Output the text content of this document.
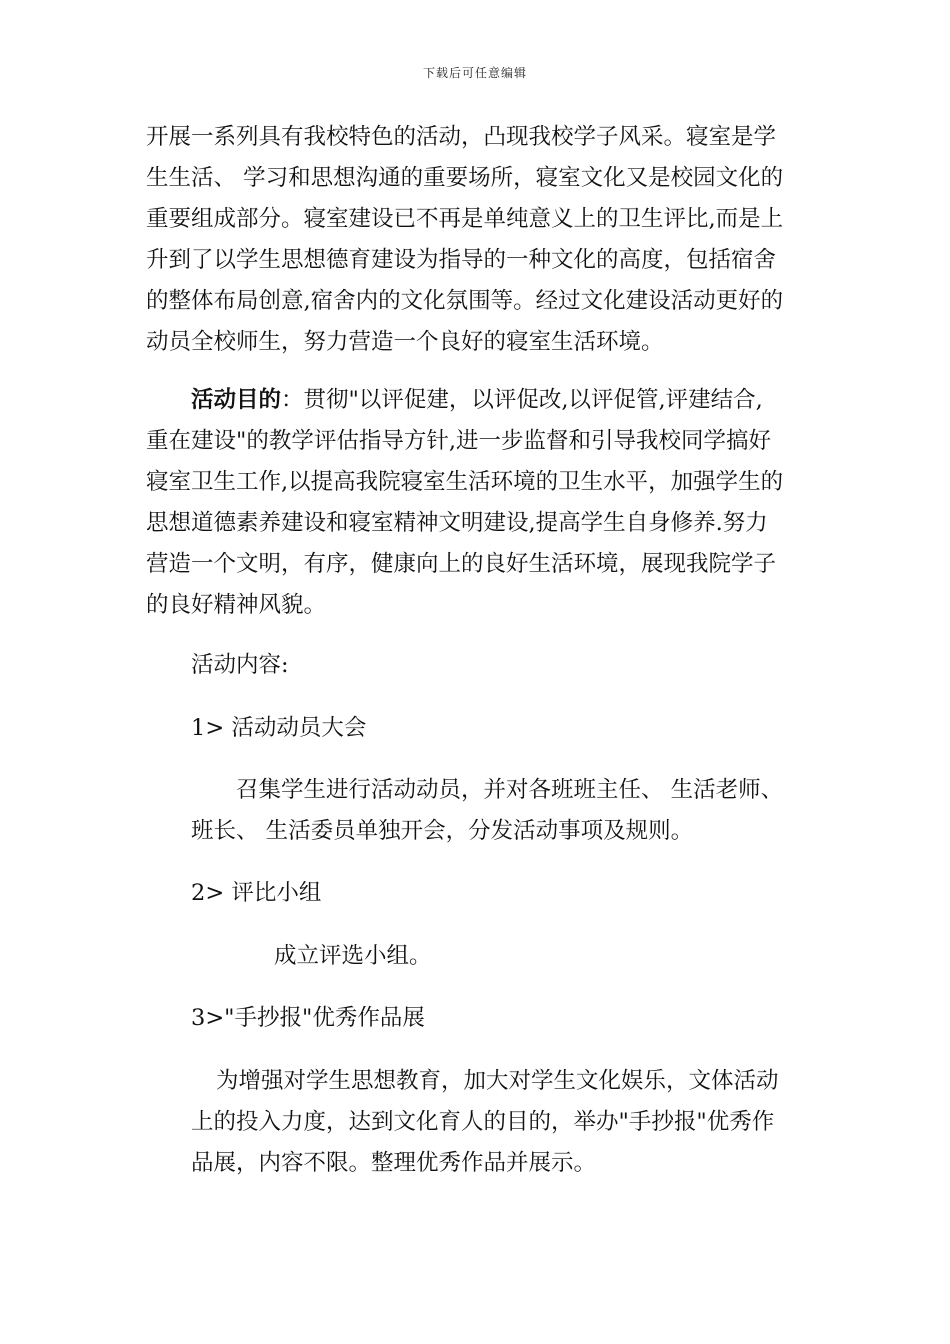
下载后可任意编辑
开展一系列具有我校特色的活动，凸现我校学子风采。寝室是学
生生活、 学习和思想沟通的重要场所，寝室文化又是校园文化的
重要组成部分。寝室建设已不再是单纯意义上的卫生评比,而是上
升到了以学生思想德育建设为指导的一种文化的高度，包括宿舍
的整体布局创意,宿舍内的文化氛围等。经过文化建设活动更好的
动员全校师生，努力营造一个良好的寝室生活环境。
活动目的：贯彻"以评促建，以评促改,以评促管,评建结合,
重在建设"的教学评估指导方针,进一步监督和引导我校同学搞好
寝室卫生工作,以提高我院寝室生活环境的卫生水平，加强学生的
思想道德素养建设和寝室精神文明建设,提高学生自身修养.努力
营造一个文明，有序，健康向上的良好生活环境，展现我院学子
的良好精神风貌。
活动内容:
1> 活动动员大会
召集学生进行活动动员，并对各班班主任、 生活老师、
班长、 生活委员单独开会，分发活动事项及规则。
2> 评比小组
成立评选小组。
3>"手抄报"优秀作品展
为增强对学生思想教育，加大对学生文化娱乐，文体活动
上的投入力度，达到文化育人的目的，举办"手抄报"优秀作
品展，内容不限。整理优秀作品并展示。
